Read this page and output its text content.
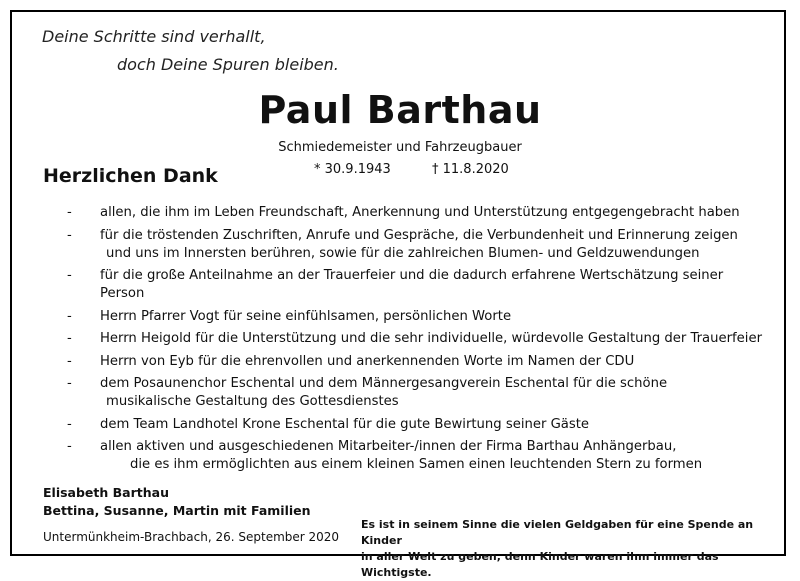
Deine Schritte sind verhallt,
doch Deine Spuren bleiben.
Paul Barthau
Schmiedemeister und Fahrzeugbauer
* 30.9.1943	† 11.8.2020
Herzlichen Dank
- allen, die ihm im Leben Freundschaft, Anerkennung und Unterstützung entgegengebracht haben
- für die tröstenden Zuschriften, Anrufe und Gespräche, die Verbundenheit und Erinnerung zeigen
und uns im Innersten berühren, sowie für die zahlreichen Blumen- und Geldzuwendungen
- für die große Anteilnahme an der Trauerfeier und die dadurch erfahrene Wertschätzung seiner Person
- Herrn Pfarrer Vogt für seine einfühlsamen, persönlichen Worte
- Herrn Heigold für die Unterstützung und die sehr individuelle, würdevolle Gestaltung der Trauerfeier
- Herrn von Eyb für die ehrenvollen und anerkennenden Worte im Namen der CDU
- dem Posaunenchor Eschental und dem Männergesangverein Eschental für die schöne
musikalische Gestaltung des Gottesdienstes
- dem Team Landhotel Krone Eschental für die gute Bewirtung seiner Gäste
- allen aktiven und ausgeschiedenen Mitarbeiter-/innen der Firma Barthau Anhängerbau,
die es ihm ermöglichten aus einem kleinen Samen einen leuchtenden Stern zu formen
Elisabeth Barthau
Bettina, Susanne, Martin mit Familien
Untermünkheim-Brachbach, 26. September 2020
Es ist in seinem Sinne die vielen Geldgaben für eine Spende an Kinder
in aller Welt zu geben, denn Kinder waren ihm immer das Wichtigste.
